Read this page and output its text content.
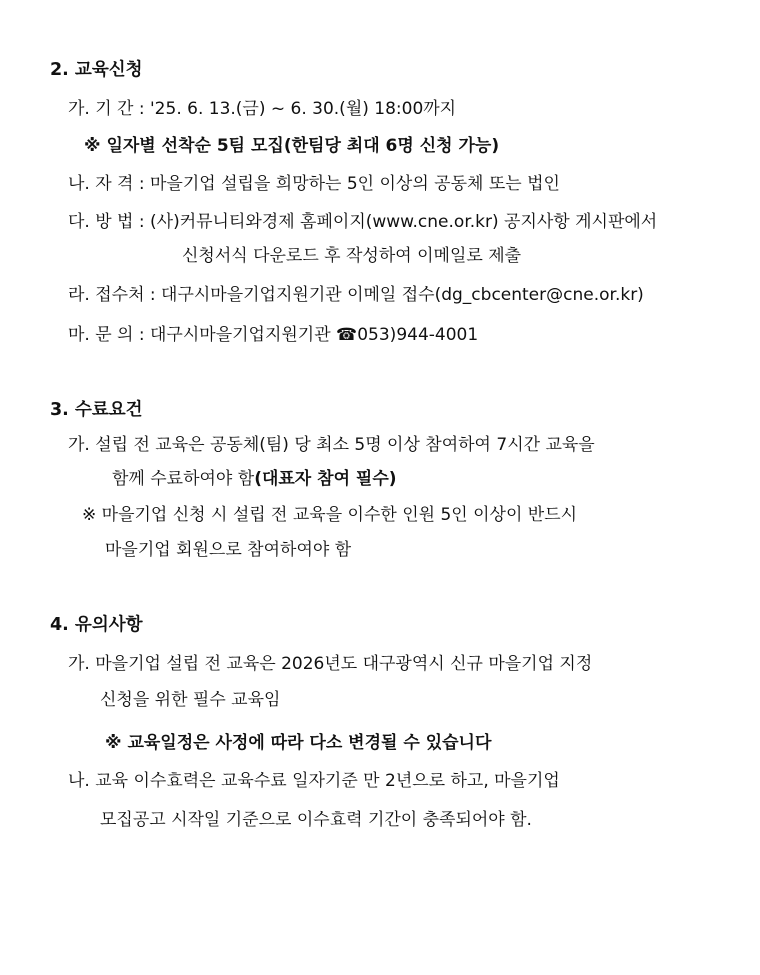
2. 교육신청
가. 기 간 : '25. 6. 13.(금) ~ 6. 30.(월) 18:00까지
※ 일자별 선착순 5팀 모집(한팀당 최대 6명 신청 가능)
나. 자 격 : 마을기업 설립을 희망하는 5인 이상의 공동체 또는 법인
다. 방 법 : (사)커뮤니티와경제 홈페이지(www.cne.or.kr) 공지사항 게시판에서
신청서식 다운로드 후 작성하여 이메일로 제출
라. 접수처 : 대구시마을기업지원기관 이메일 접수(dg_cbcenter@cne.or.kr)
마. 문 의 : 대구시마을기업지원기관 ☎053)944-4001
3. 수료요건
가. 설립 전 교육은 공동체(팀) 당 최소 5명 이상 참여하여 7시간 교육을
함께 수료하여야 함(대표자 참여 필수)
※ 마을기업 신청 시 설립 전 교육을 이수한 인원 5인 이상이 반드시
마을기업 회원으로 참여하여야 함
4. 유의사항
가. 마을기업 설립 전 교육은 2026년도 대구광역시 신규 마을기업 지정
신청을 위한 필수 교육임
※ 교육일정은 사정에 따라 다소 변경될 수 있습니다
나. 교육 이수효력은 교육수료 일자기준 만 2년으로 하고, 마을기업
모집공고 시작일 기준으로 이수효력 기간이 충족되어야 함.
